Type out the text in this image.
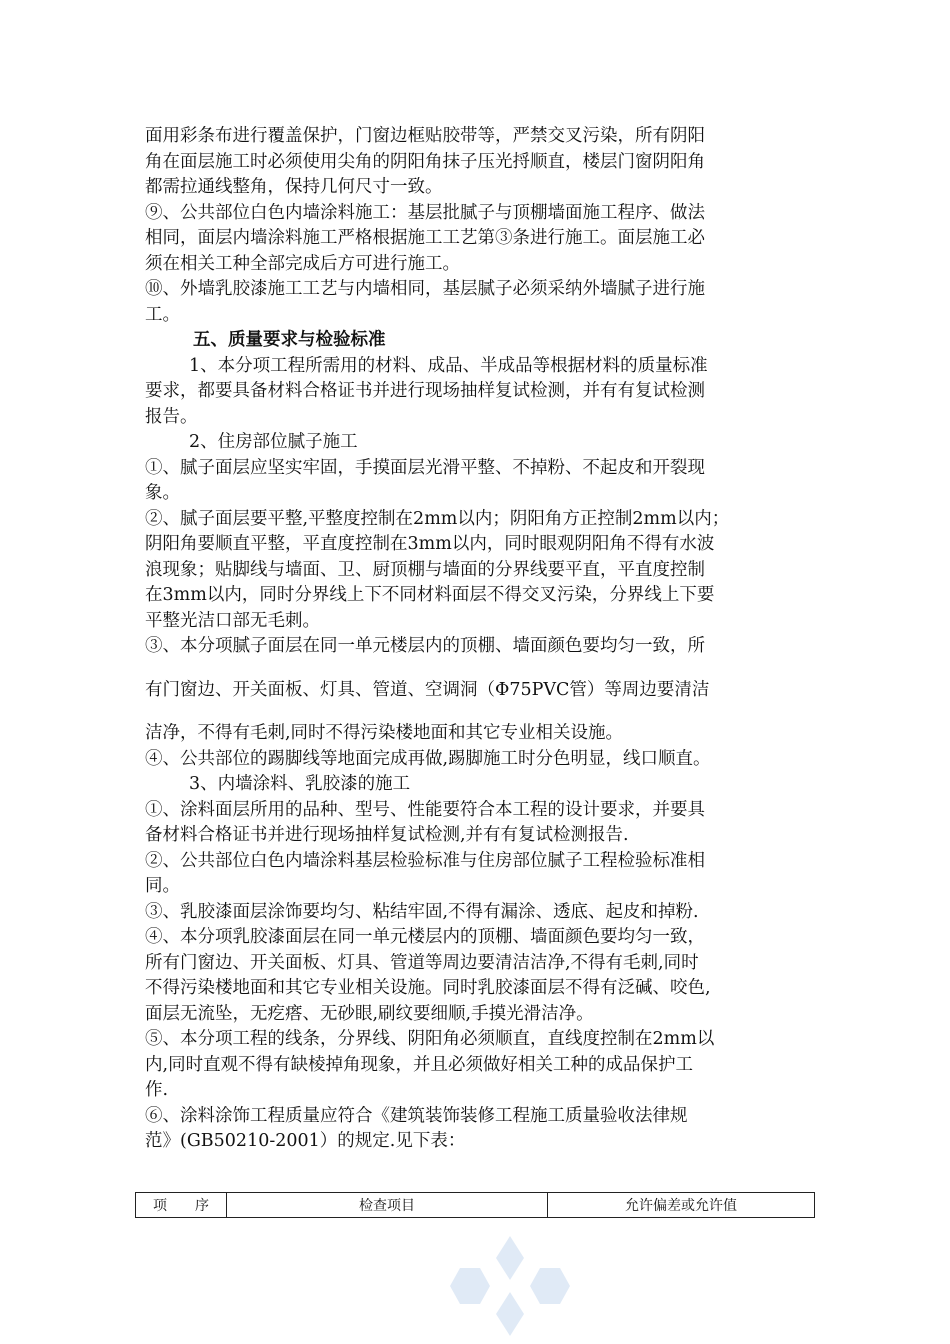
面用彩条布进行覆盖保护，门窗边框贴胶带等，严禁交叉污染，所有阴阳
角在面层施工时必须使用尖角的阴阳角抹子压光捋顺直，楼层门窗阴阳角
都需拉通线整角，保持几何尺寸一致。
⑨、公共部位白色内墙涂料施工：基层批腻子与顶棚墙面施工程序、做法
相同，面层内墙涂料施工严格根据施工工艺第③条进行施工。面层施工必
须在相关工种全部完成后方可进行施工。
⑩、外墙乳胶漆施工工艺与内墙相同，基层腻子必须采纳外墙腻子进行施
工。
五、质量要求与检验标准
1、本分项工程所需用的材料、成品、半成品等根据材料的质量标准
要求，都要具备材料合格证书并进行现场抽样复试检测，并有有复试检测
报告。
2、住房部位腻子施工
①、腻子面层应坚实牢固，手摸面层光滑平整、不掉粉、不起皮和开裂现
象。
②、腻子面层要平整,平整度控制在2mm以内；阴阳角方正控制2mm以内；
阴阳角要顺直平整，平直度控制在3mm以内，同时眼观阴阳角不得有水波
浪现象；贴脚线与墙面、卫、厨顶棚与墙面的分界线要平直，平直度控制
在3mm以内，同时分界线上下不同材料面层不得交叉污染，分界线上下要
平整光洁口部无毛刺。
③、本分项腻子面层在同一单元楼层内的顶棚、墙面颜色要均匀一致，所
有门窗边、开关面板、灯具、管道、空调洞（Φ75PVC管）等周边要清洁
洁净，不得有毛刺,同时不得污染楼地面和其它专业相关设施。
④、公共部位的踢脚线等地面完成再做,踢脚施工时分色明显，线口顺直。
3、内墙涂料、乳胶漆的施工
①、涂料面层所用的品种、型号、性能要符合本工程的设计要求，并要具
备材料合格证书并进行现场抽样复试检测,并有有复试检测报告.
②、公共部位白色内墙涂料基层检验标准与住房部位腻子工程检验标准相
同。
③、乳胶漆面层涂饰要均匀、粘结牢固,不得有漏涂、透底、起皮和掉粉.
④、本分项乳胶漆面层在同一单元楼层内的顶棚、墙面颜色要均匀一致，
所有门窗边、开关面板、灯具、管道等周边要清洁洁净,不得有毛刺,同时
不得污染楼地面和其它专业相关设施。同时乳胶漆面层不得有泛碱、咬色,
面层无流坠，无疙瘩、无砂眼,刷纹要细顺,手摸光滑洁净。
⑤、本分项工程的线条，分界线、阴阳角必须顺直，直线度控制在2mm以
内,同时直观不得有缺棱掉角现象，并且必须做好相关工种的成品保护工
作.
⑥、涂料涂饰工程质量应符合《建筑装饰装修工程施工质量验收法律规
范》(GB50210-2001）的规定.见下表：
项　　序	检查项目	允许偏差或允许值
